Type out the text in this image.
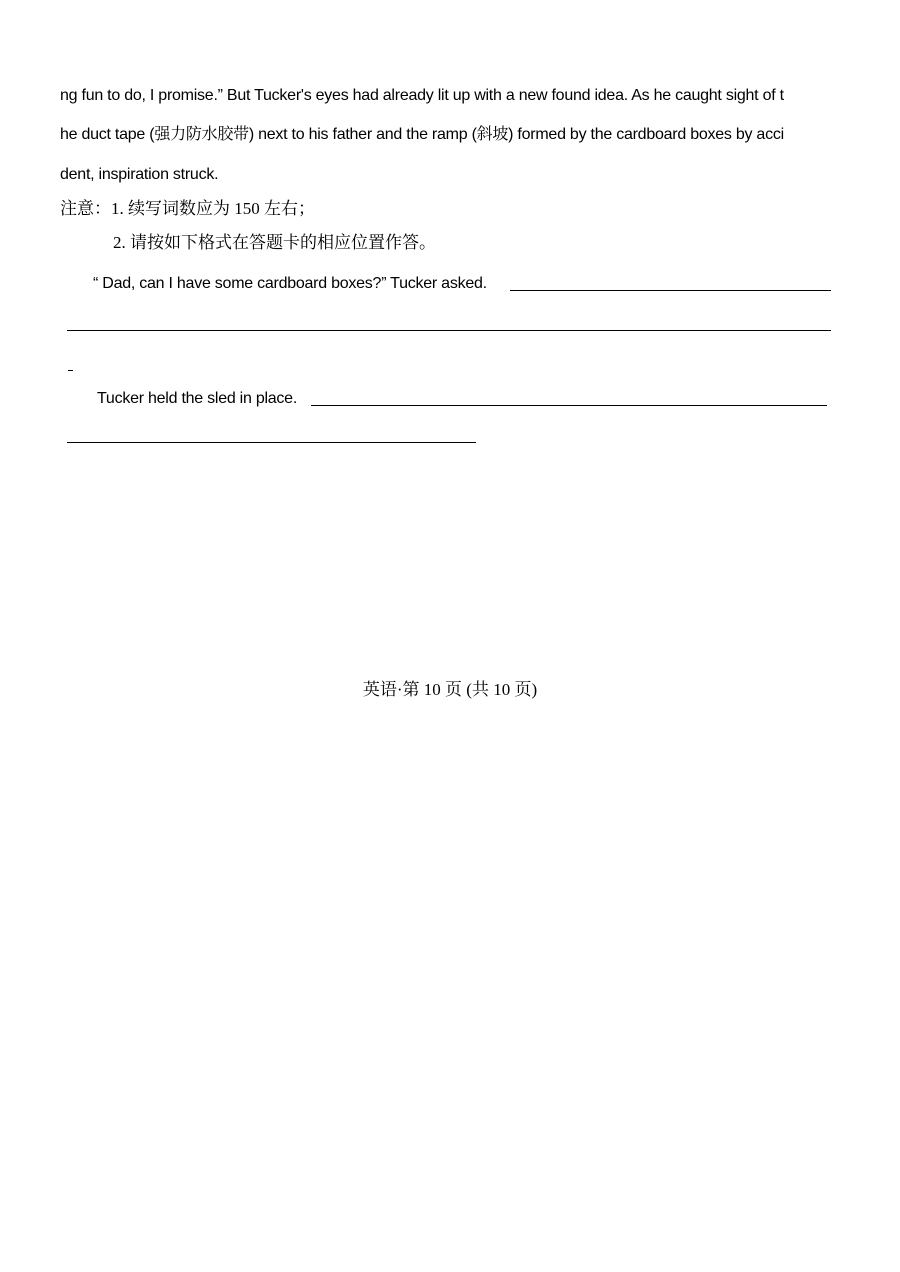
ng fun to do, I promise.” But Tucker's eyes had already lit up with a new found idea. As he caught sight of t
he duct tape (强力防水胶带) next to his father and the ramp (斜坡) formed by the cardboard boxes by acci
dent, inspiration struck.
注意：1. 续写词数应为 150 左右；
2. 请按如下格式在答题卡的相应位置作答。
“ Dad, can I have some cardboard boxes?” Tucker asked.
Tucker held the sled in place.
英语·第 10 页 (共 10 页)
